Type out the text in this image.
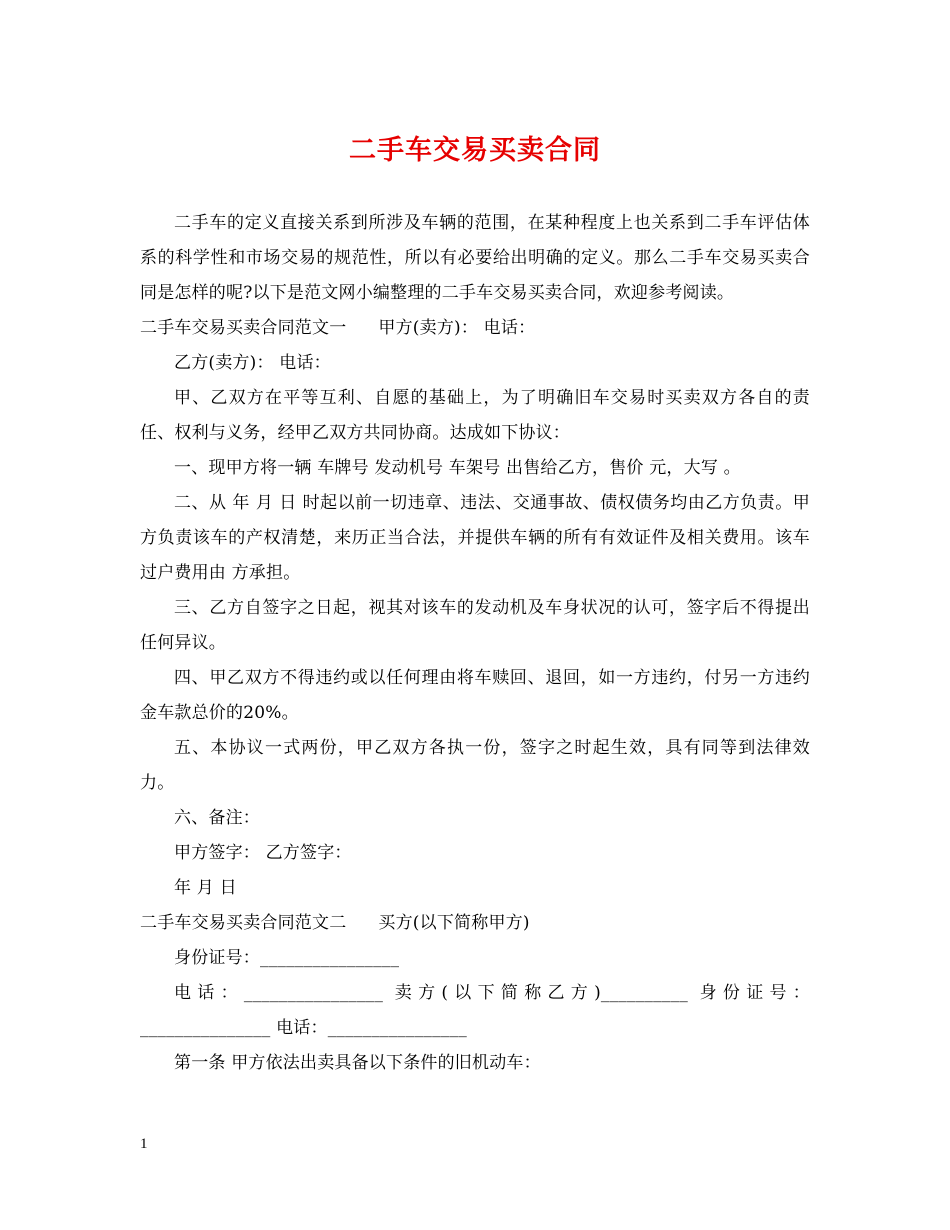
二手车交易买卖合同

二手车的定义直接关系到所涉及车辆的范围，在某种程度上也关系到二手车评估体系的科学性和市场交易的规范性，所以有必要给出明确的定义。那么二手车交易买卖合同是怎样的呢?以下是范文网小编整理的二手车交易买卖合同，欢迎参考阅读。

二手车交易买卖合同范文一 甲方(卖方)： 电话：

乙方(卖方)： 电话：

甲、乙双方在平等互利、自愿的基础上，为了明确旧车交易时买卖双方各自的责任、权利与义务，经甲乙双方共同协商。达成如下协议：

一、现甲方将一辆 车牌号 发动机号 车架号 出售给乙方，售价 元，大写 。

二、从 年 月 日 时起以前一切违章、违法、交通事故、债权债务均由乙方负责。甲方负责该车的产权清楚，来历正当合法，并提供车辆的所有有效证件及相关费用。该车过户费用由 方承担。

三、乙方自签字之日起，视其对该车的发动机及车身状况的认可，签字后不得提出任何异议。

四、甲乙双方不得违约或以任何理由将车赎回、退回，如一方违约，付另一方违约金车款总价的20%。

五、本协议一式两份，甲乙双方各执一份，签字之时起生效，具有同等到法律效力。

六、备注：

甲方签字： 乙方签字：

年 月 日

二手车交易买卖合同范文二 买方(以下简称甲方)

身份证号：________________

电话：________________ 卖方(以下简称乙方)__________ 身份证号：_______________ 电话：________________

第一条 甲方依法出卖具备以下条件的旧机动车：

1
